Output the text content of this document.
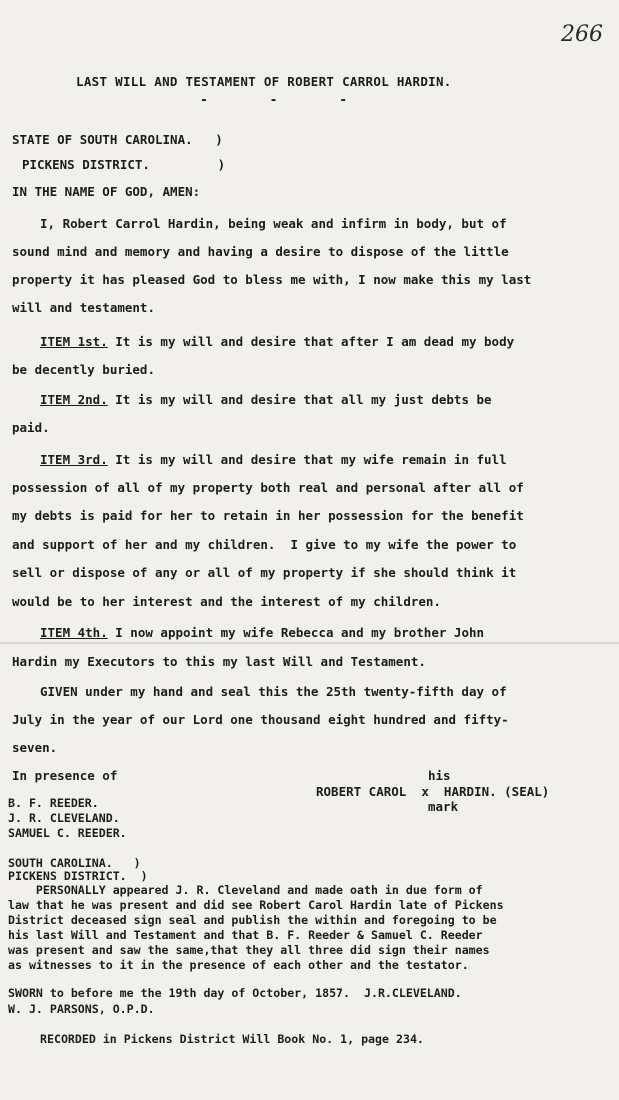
266
LAST WILL AND TESTAMENT OF ROBERT CARROL HARDIN.
- - -
STATE OF SOUTH CAROLINA.   )
PICKENS DISTRICT.         )
IN THE NAME OF GOD, AMEN:
I, Robert Carrol Hardin, being weak and infirm in body, but of
sound mind and memory and having a desire to dispose of the little
property it has pleased God to bless me with, I now make this my last
will and testament.
ITEM 1st. It is my will and desire that after I am dead my body
be decently buried.
ITEM 2nd. It is my will and desire that all my just debts be
paid.
ITEM 3rd. It is my will and desire that my wife remain in full
possession of all of my property both real and personal after all of
my debts is paid for her to retain in her possession for the benefit
and support of her and my children.  I give to my wife the power to
sell or dispose of any or all of my property if she should think it
would be to her interest and the interest of my children.
ITEM 4th. I now appoint my wife Rebecca and my brother John
Hardin my Executors to this my last Will and Testament.
GIVEN under my hand and seal this the 25th twenty-fifth day of
July in the year of our Lord one thousand eight hundred and fifty-
seven.
In presence of	his
ROBERT CAROL  x  HARDIN. (SEAL)
mark
B. F. REEDER.
J. R. CLEVELAND.
SAMUEL C. REEDER.
SOUTH CAROLINA.   )
PICKENS DISTRICT.  )
PERSONALLY appeared J. R. Cleveland and made oath in due form of
law that he was present and did see Robert Carol Hardin late of Pickens
District deceased sign seal and publish the within and foregoing to be
his last Will and Testament and that B. F. Reeder & Samuel C. Reeder
was present and saw the same,that they all three did sign their names
as witnesses to it in the presence of each other and the testator.
SWORN to before me the 19th day of October, 1857.  J.R.CLEVELAND.
W. J. PARSONS, O.P.D.
RECORDED in Pickens District Will Book No. 1, page 234.
